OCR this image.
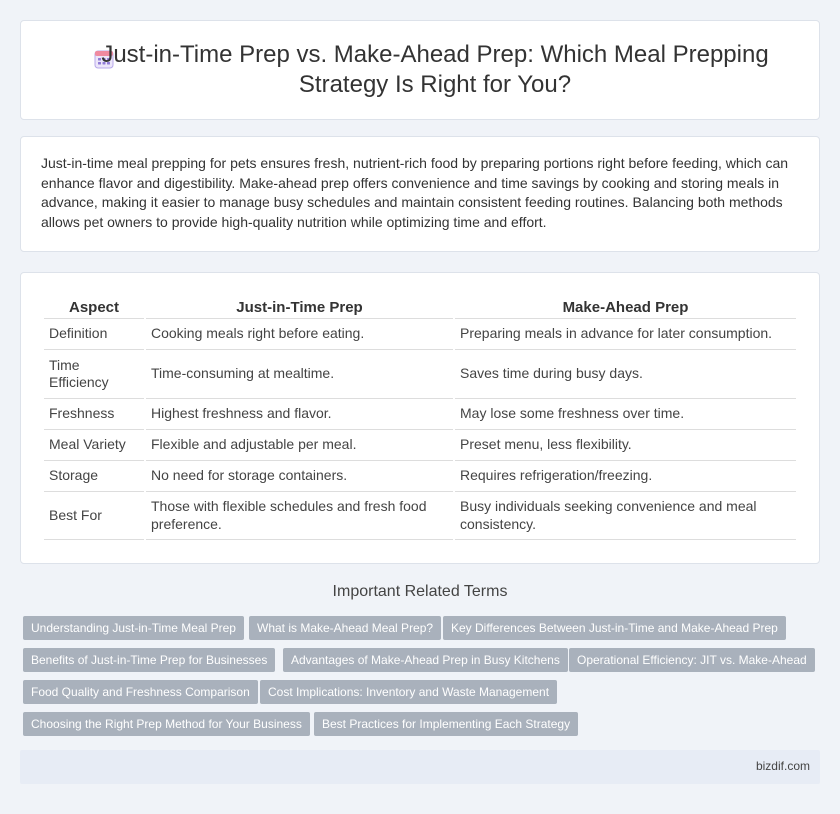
Just-in-Time Prep vs. Make-Ahead Prep: Which Meal Prepping Strategy Is Right for You?

Just-in-time meal prepping for pets ensures fresh, nutrient-rich food by preparing portions right before feeding, which can enhance flavor and digestibility. Make-ahead prep offers convenience and time savings by cooking and storing meals in advance, making it easier to manage busy schedules and maintain consistent feeding routines. Balancing both methods allows pet owners to provide high-quality nutrition while optimizing time and effort.

Aspect	Just-in-Time Prep	Make-Ahead Prep
Definition	Cooking meals right before eating.	Preparing meals in advance for later consumption.
Time Efficiency	Time-consuming at mealtime.	Saves time during busy days.
Freshness	Highest freshness and flavor.	May lose some freshness over time.
Meal Variety	Flexible and adjustable per meal.	Preset menu, less flexibility.
Storage	No need for storage containers.	Requires refrigeration/freezing.
Best For	Those with flexible schedules and fresh food preference.	Busy individuals seeking convenience and meal consistency.
Important Related Terms
Understanding Just-in-Time Meal Prep	What is Make-Ahead Meal Prep?	Key Differences Between Just-in-Time and Make-Ahead Prep
Benefits of Just-in-Time Prep for Businesses	Advantages of Make-Ahead Prep in Busy Kitchens	Operational Efficiency: JIT vs. Make-Ahead
Food Quality and Freshness Comparison	Cost Implications: Inventory and Waste Management
Choosing the Right Prep Method for Your Business	Best Practices for Implementing Each Strategy
bizdif.com
